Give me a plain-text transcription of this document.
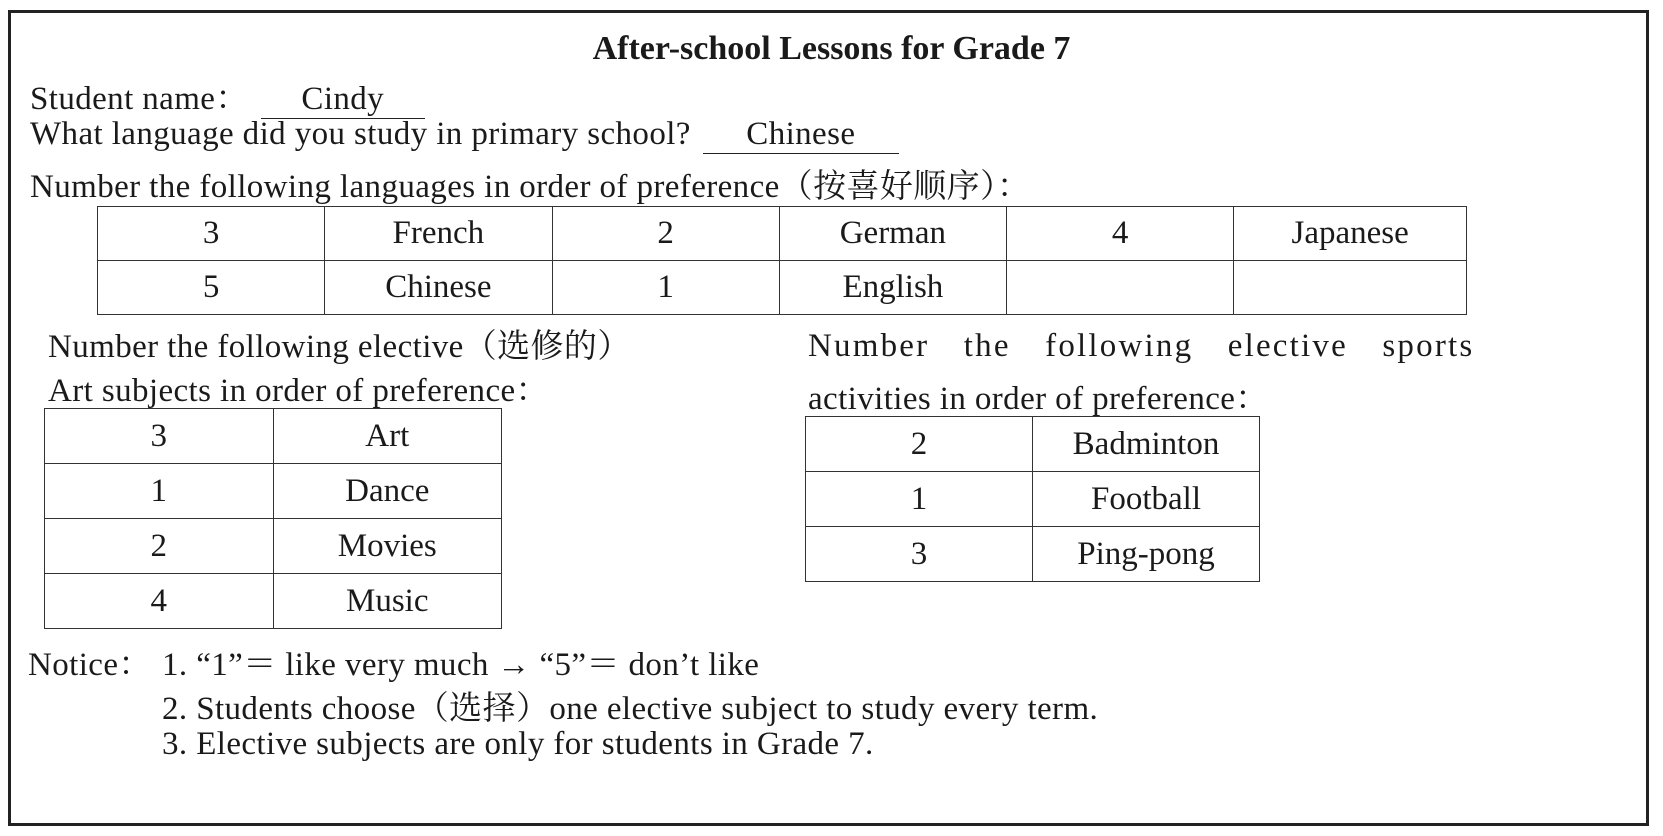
After-school Lessons for Grade 7
Student name： Cindy
What language did you study in primary school? Chinese
Number the following languages in order of preference（按喜好顺序）：
3	French	2	German	4	Japanese
5	Chinese	1	English		
Number the following elective（选修的）
Art subjects in order of preference：
3	Art
1	Dance
2	Movies
4	Music
Number the following elective sports
activities in order of preference：
2	Badminton
1	Football
3	Ping-pong
Notice： 1. “1”＝ like very much → “5”＝ don’t like
2. Students choose（选择）one elective subject to study every term.
3. Elective subjects are only for students in Grade 7.
